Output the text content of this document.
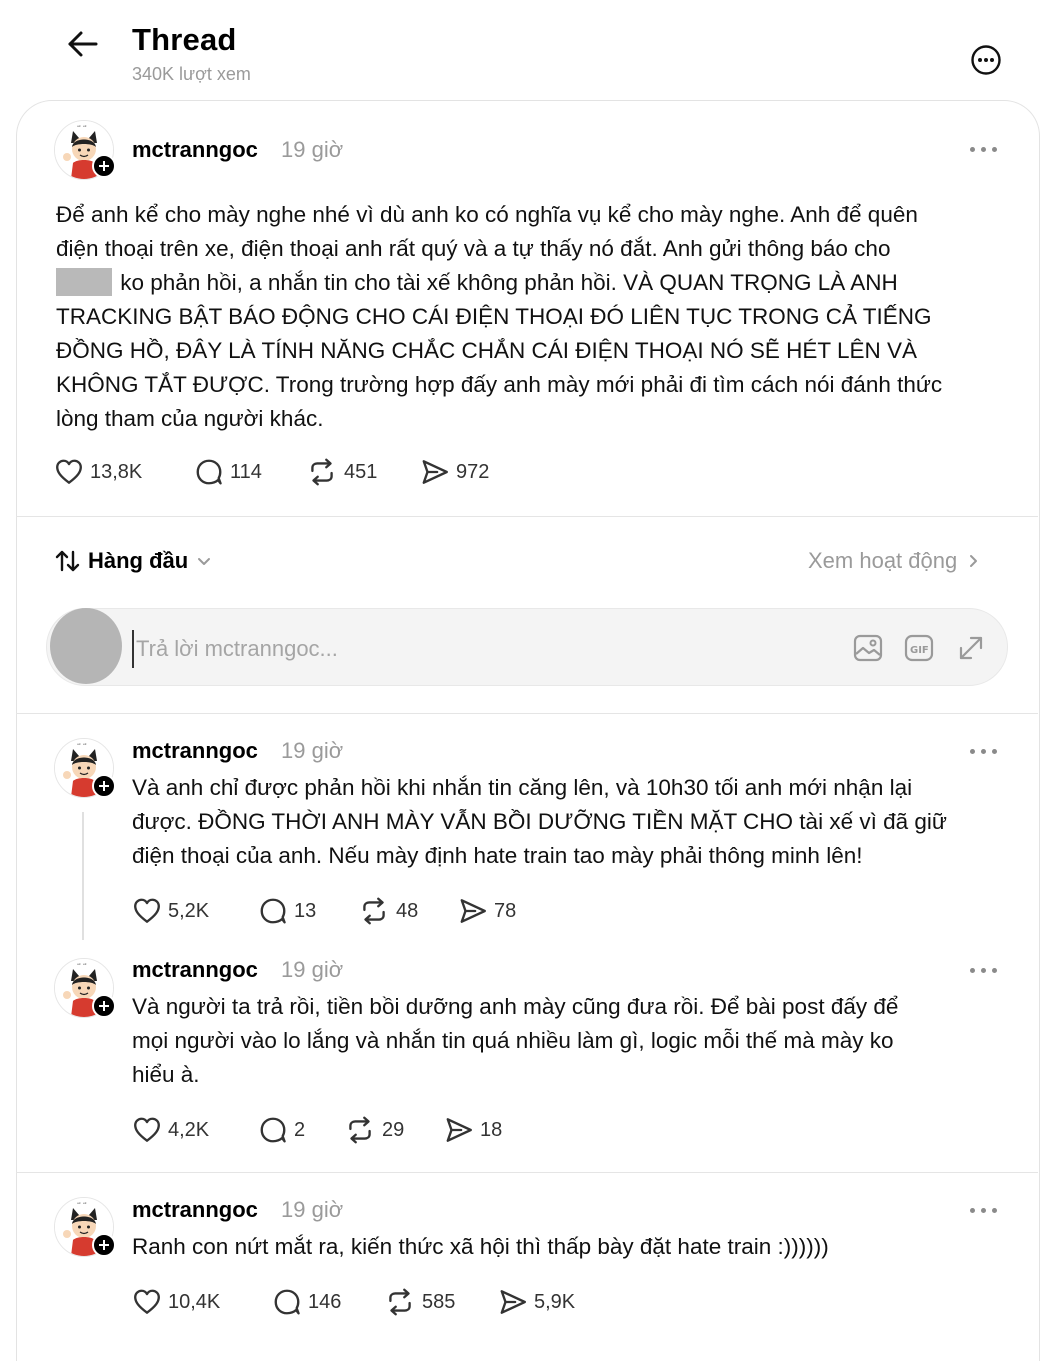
Thread
340K lượt xem
mctranngoc 19 giờ
Để anh kể cho mày nghe nhé vì dù anh ko có nghĩa vụ kể cho mày nghe. Anh để quên
điện thoại trên xe, điện thoại anh rất quý và a tự thấy nó đắt. Anh gửi thông báo cho
ko phản hồi, a nhắn tin cho tài xế không phản hồi. VÀ QUAN TRỌNG LÀ ANH
TRACKING BẬT BÁO ĐỘNG CHO CÁI ĐIỆN THOẠI ĐÓ LIÊN TỤC TRONG CẢ TIẾNG
ĐỒNG HỒ, ĐÂY LÀ TÍNH NĂNG CHẮC CHẮN CÁI ĐIỆN THOẠI NÓ SẼ HÉT LÊN VÀ
KHÔNG TẮT ĐƯỢC. Trong trường hợp đấy anh mày mới phải đi tìm cách nói đánh thức
lòng tham của người khác.
13,8K	114	451	972
Hàng đầu	Xem hoạt động
Trả lời mctranngoc...
GIF
mctranngoc 19 giờ
Và anh chỉ được phản hồi khi nhắn tin căng lên, và 10h30 tối anh mới nhận lại
được. ĐỒNG THỜI ANH MÀY VẪN BỒI DƯỠNG TIỀN MẶT CHO tài xế vì đã giữ
điện thoại của anh. Nếu mày định hate train tao mày phải thông minh lên!
5,2K	13	48	78
mctranngoc 19 giờ
Và người ta trả rồi, tiền bồi dưỡng anh mày cũng đưa rồi. Để bài post đấy để
mọi người vào lo lắng và nhắn tin quá nhiều làm gì, logic mỗi thế mà mày ko
hiểu à.
4,2K	2	29	18
mctranngoc 19 giờ
Ranh con nứt mắt ra, kiến thức xã hội thì thấp bày đặt hate train :))))))
10,4K	146	585	5,9K
